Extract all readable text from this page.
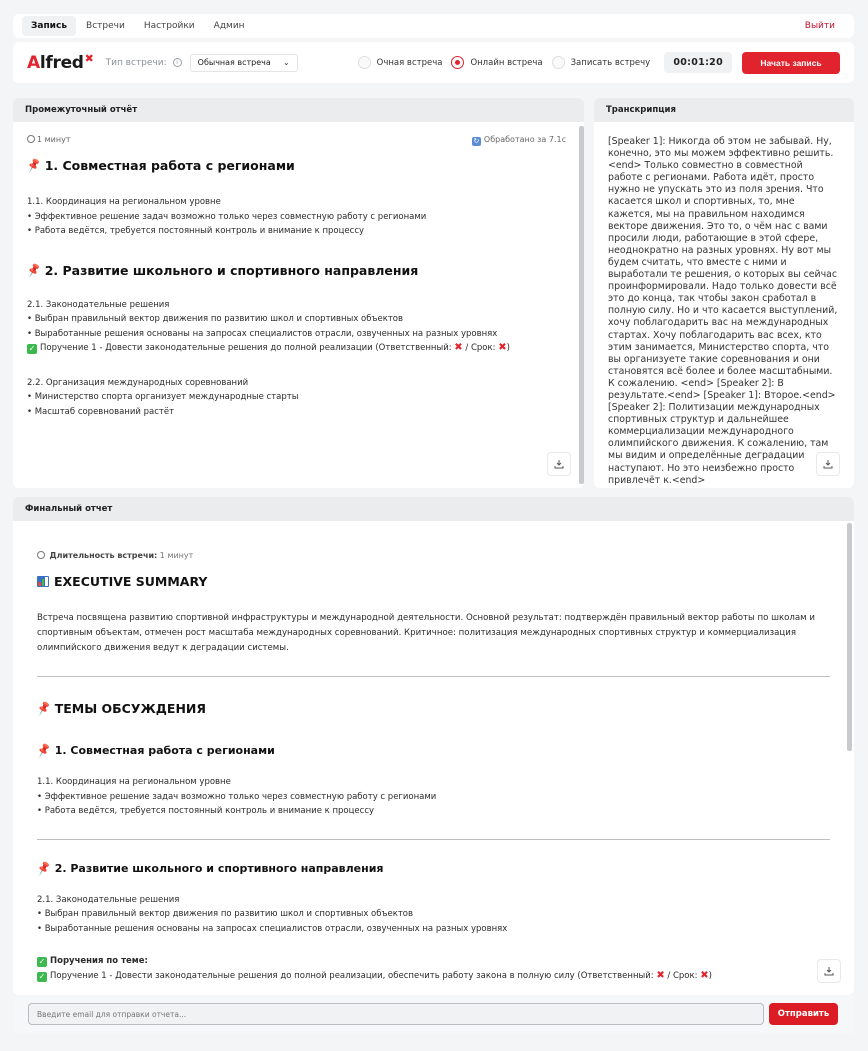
Запись	Встречи	Настройки	Админ	Выйти
A lfred ✖ Тип встречи:	i	Обычная встреча ⌄	Очная встреча	Онлайн встреча	Записать встречу	00:01:20	Начать запись
Промежуточный отчёт
1 минут	↻ Обработано за 7.1с
📌 1. Совместная работа с регионами
1.1. Координация на региональном уровне
• Эффективное решение задач возможно только через совместную работу с регионами
• Работа ведётся, требуется постоянный контроль и внимание к процессу
📌 2. Развитие школьного и спортивного направления
2.1. Законодательные решения
• Выбран правильный вектор движения по развитию школ и спортивных объектов
• Выработанные решения основаны на запросах специалистов отрасли, озвученных на разных уровнях
✓ Поручение 1 - Довести законодательные решения до полной реализации (Ответственный: ✖ / Срок: ✖)
2.2. Организация международных соревнований
• Министерство спорта организует международные старты
• Масштаб соревнований растёт
Транскрипция
[Speaker 1]: Никогда об этом не забывай. Ну, конечно, это мы можем эффективно решить. <end> Только совместно в совместной работе с регионами. Работа идёт, просто нужно не упускать это из поля зрения. Что касается школ и спортивных, то, мне кажется, мы на правильном находимся векторе движения. Это то, о чём нас с вами просили люди, работающие в этой сфере, неоднократно на разных уровнях. Ну вот мы будем считать, что вместе с ними и выработали те решения, о которых вы сейчас проинформировали. Надо только довести всё это до конца, так чтобы закон сработал в полную силу. Но и что касается выступлений, хочу поблагодарить вас на международных стартах. Хочу поблагодарить вас всех, кто этим занимается, Министерство спорта, что вы организуете такие соревнования и они становятся всё более и более масштабными. К сожалению. <end> [Speaker 2]: В результате.<end> [Speaker 1]: Второе.<end> [Speaker 2]: Политизации международных спортивных структур и дальнейшее коммерциализации международного олимпийского движения. К сожалению, там мы видим и определённые деградации наступают. Но это неизбежно просто привлечёт к.<end>
Финальный отчет
Длительность встречи: 1 минут
EXECUTIVE SUMMARY
Встреча посвящена развитию спортивной инфраструктуры и международной деятельности. Основной результат: подтверждён правильный вектор работы по школам и спортивным объектам, отмечен рост масштаба международных соревнований. Критичное: политизация международных спортивных структур и коммерциализация олимпийского движения ведут к деградации системы.
📌 ТЕМЫ ОБСУЖДЕНИЯ
📌 1. Совместная работа с регионами
1.1. Координация на региональном уровне
• Эффективное решение задач возможно только через совместную работу с регионами
• Работа ведётся, требуется постоянный контроль и внимание к процессу
📌 2. Развитие школьного и спортивного направления
2.1. Законодательные решения
• Выбран правильный вектор движения по развитию школ и спортивных объектов
• Выработанные решения основаны на запросах специалистов отрасли, озвученных на разных уровнях
✓ Поручения по теме:
✓ Поручение 1 - Довести законодательные решения до полной реализации, обеспечить работу закона в полную силу (Ответственный: ✖ / Срок: ✖)
Введите email для отправки отчета...
Отправить
